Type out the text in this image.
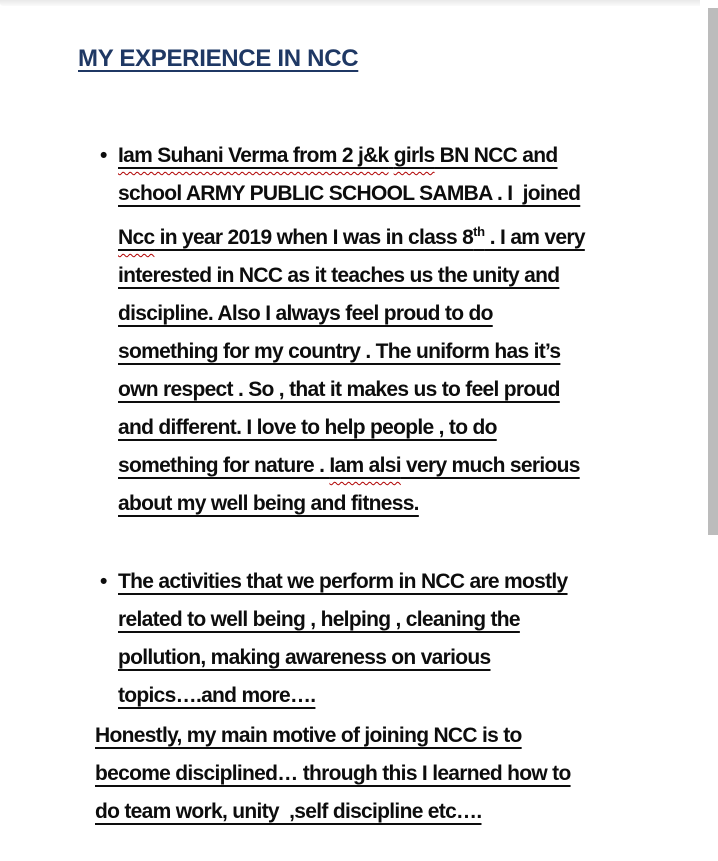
MY EXPERIENCE IN NCC
• Iam Suhani Verma from 2 j&k girls BN NCC and
school ARMY PUBLIC SCHOOL SAMBA . I  joined
Ncc in year 2019 when I was in class 8th . I am very
interested in NCC as it teaches us the unity and
discipline. Also I always feel proud to do
something for my country . The uniform has it’s
own respect . So , that it makes us to feel proud
and different. I love to help people , to do
something for nature . Iam alsi very much serious
about my well being and fitness.
• The activities that we perform in NCC are mostly
related to well being , helping , cleaning the
pollution, making awareness on various
topics….and more….
Honestly, my main motive of joining NCC is to
become disciplined… through this I learned how to
do team work, unity  ,self discipline etc….
